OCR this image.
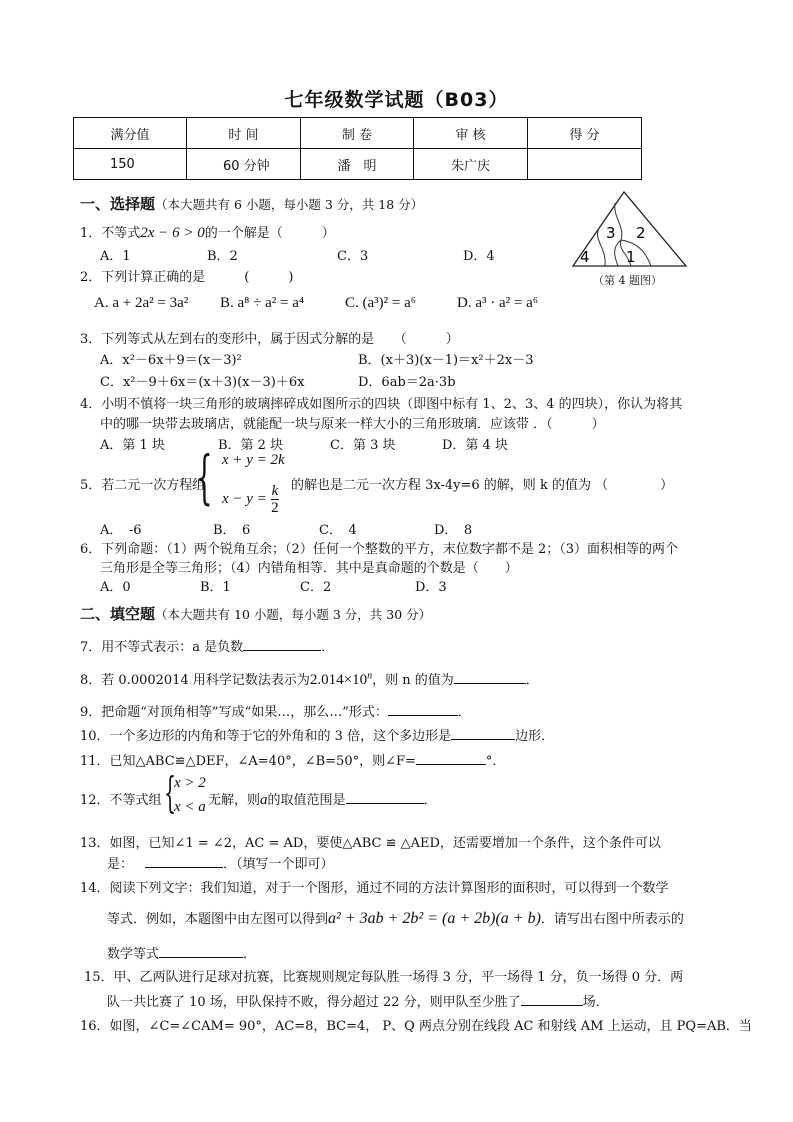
七年级数学试题（B03）
满分值	时 间	制 卷	审 核	得 分
150	60 分钟	潘　明	朱广庆	
一、选择题（本大题共有 6 小题，每小题 3 分，共 18 分）
1．不等式2x − 6 > 0的一个解是（　　　）
A．1	B．2	C．3	D．4
2．下列计算正确的是　　　(　　　)
A. a + 2a² = 3a² B. a⁸ ÷ a² = a⁴	C. (a³)² = a⁶	D. a³ · a² = a⁶
3 2
4 1
（第 4 题图）
3．下列等式从左到右的变形中，属于因式分解的是　　（　　　）
A．x²－6x＋9＝(x－3)²	B．(x＋3)(x－1)＝x²＋2x－3
C．x²－9＋6x＝(x＋3)(x－3)＋6x	D．6ab＝2a·3b
4．小明不慎将一块三角形的玻璃摔碎成如图所示的四块（即图中标有 1、2、3、4 的四块），你认为将其
中的哪一块带去玻璃店，就能配一块与原来一样大小的三角形玻璃．应该带 ．（　　　）
A．第 1 块	B．第 2 块	C．第 3 块	D．第 4 块
5．若二元一次方程组
{ x + y = 2k
$x - y = \frac{k}{2}$ 的解也是二元一次方程 3x-4y=6 的解，则 k 的值为 （　　　　）
A．　-6	B．　6	C．　4	D．　8
6．下列命题：（1）两个锐角互余；（2）任何一个整数的平方，末位数字都不是 2；（3）面积相等的两个
三角形是全等三角形；（4）内错角相等．其中是真命题的个数是（　　）
A．0	B．1	C．2	D．3
二、填空题（本大题共有 10 小题，每小题 3 分，共 30 分）
7．用不等式表示：a 是负数	．
8．若 0.0002014 用科学记数法表示为$2.014\times 10^n$，则 n 的值为	．
9．把命题“对顶角相等”写成“如果…，那么…”形式：	．
10．一个多边形的内角和等于它的外角和的 3 倍，这个多边形是	边形．
11．已知△ABC≌△DEF，∠A=40°，∠B=50°，则∠F=	°．
12．不等式组 {
x > 2
x < a 无解，则a的取值范围是	．
13．如图，已知∠1 = ∠2，AC = AD，要使△ABC ≌ △AED，还需要增加一个条件，这个条件可以
是：	．（填写一个即可）
14．阅读下列文字：我们知道，对于一个图形，通过不同的方法计算图形的面积时，可以得到一个数学
等式．例如，本题图中由左图可以得到a² + 3ab + 2b² = (a + 2b)(a + b)．请写出右图中所表示的
数学等式	．
15．甲、乙两队进行足球对抗赛，比赛规则规定每队胜一场得 3 分，平一场得 1 分，负一场得 0 分．两
队一共比赛了 10 场，甲队保持不败，得分超过 22 分，则甲队至少胜了	场．
16．如图，∠C=∠CAM= 90°，AC=8，BC=4， P、Q 两点分别在线段 AC 和射线 AM 上运动，且 PQ=AB．当
